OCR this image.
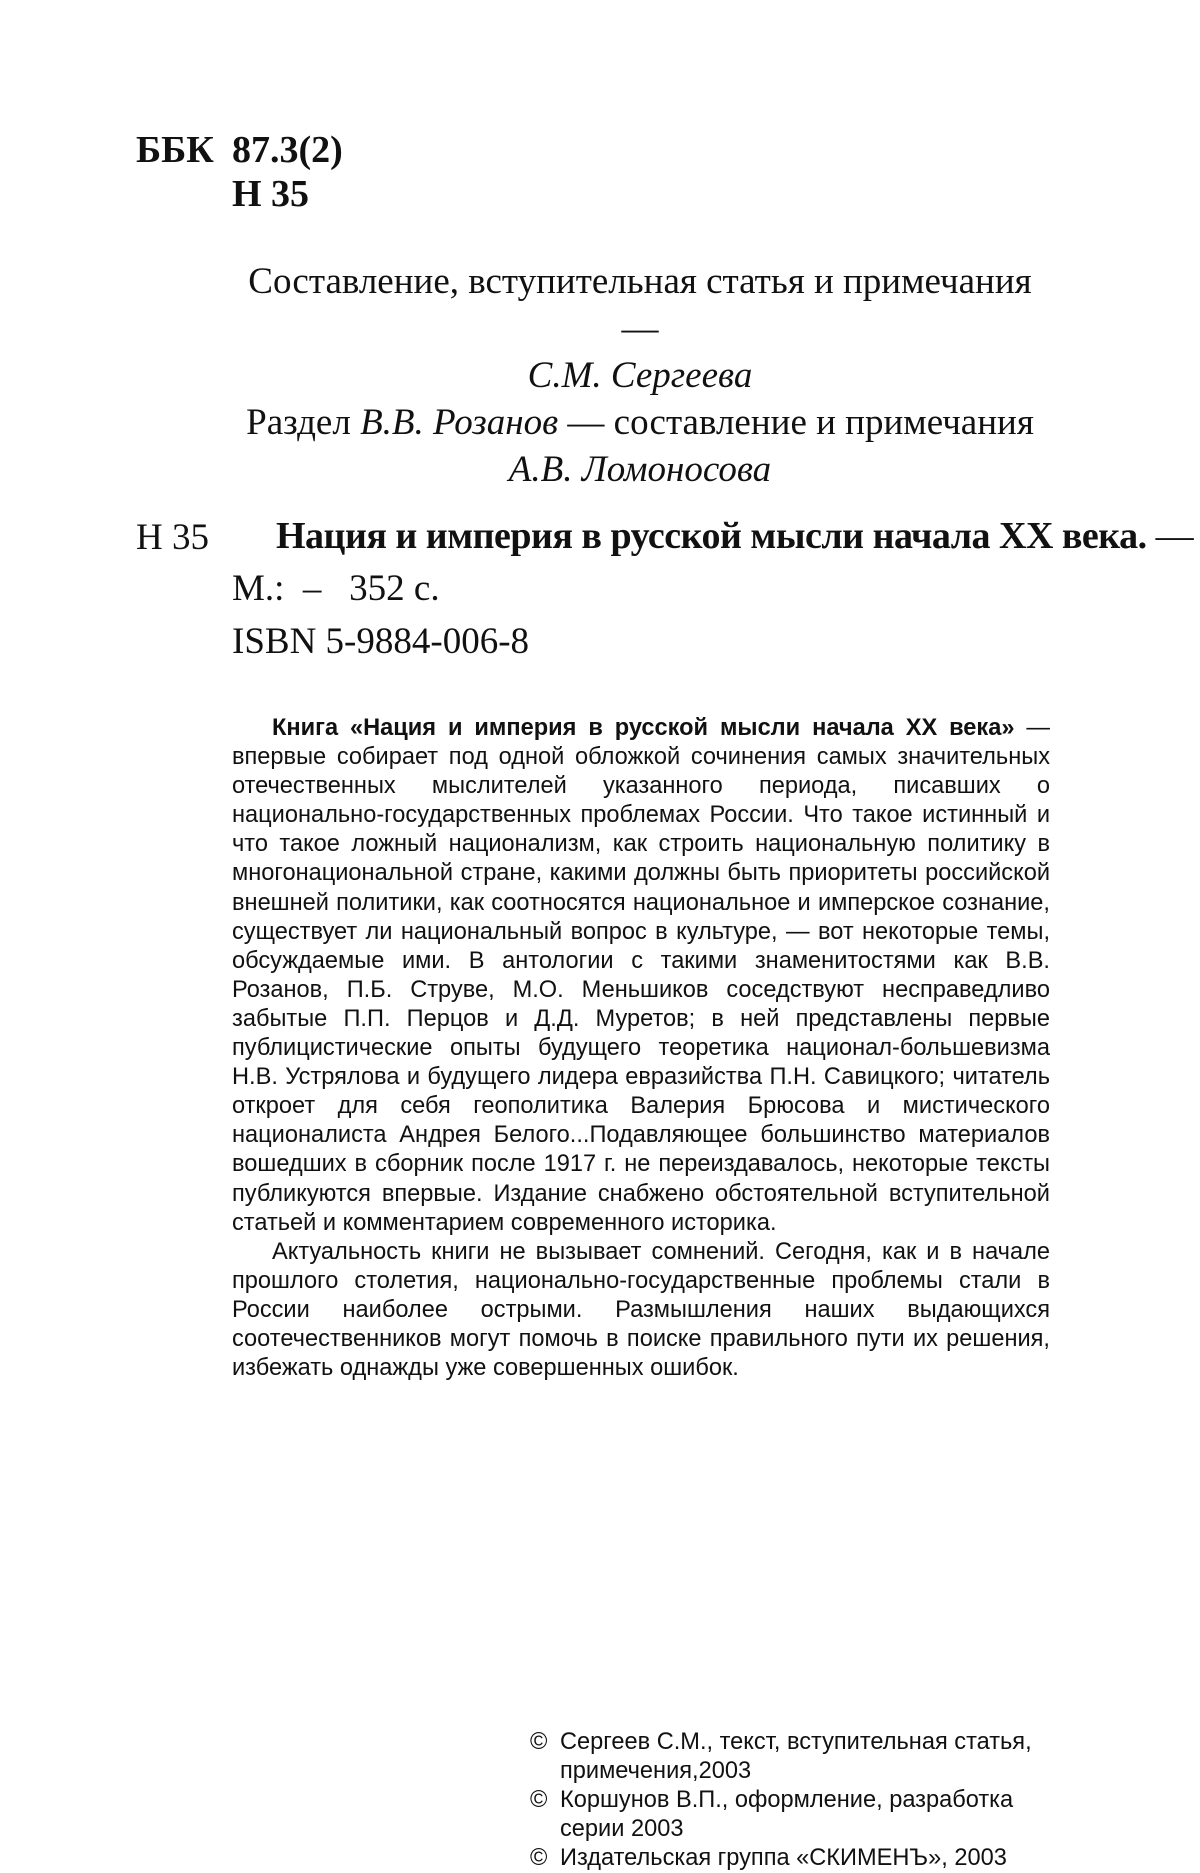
ББК 87.3(2)
Н 35
Составление, вступительная статья и примечания —
С.М. Сергеева
Раздел В.В. Розанов — составление и примечания
А.В. Ломоносова
Н 35 Нация и империя в русской мысли начала XX века. —
М.:  –   352 с.
ISBN 5-9884-006-8

Книга «Нация и империя в русской мысли начала XX века» — впервые собирает под одной обложкой сочинения самых значительных отечественных мыслителей указанного периода, писавших о национально-государственных проблемах России. Что такое истинный и что такое ложный национализм, как строить национальную политику в многонациональной стране, какими должны быть приоритеты российской внешней политики, как соотносятся национальное и имперское сознание, существует ли национальный вопрос в культуре, — вот некоторые темы, обсуждаемые ими. В антологии с такими знаменитостями как В.В. Розанов, П.Б. Струве, М.О. Меньшиков соседствуют несправедливо забытые П.П. Перцов и Д.Д. Муретов; в ней представлены первые публицистические опыты будущего теоретика национал-большевизма Н.В. Устрялова и будущего лидера евразийства П.Н. Савицкого; читатель откроет для себя геополитика Валерия Брюсова и мистического националиста Андрея Белого...Подавляющее большинство материалов вошедших в сборник после 1917 г. не переиздавалось, некоторые тексты публикуются впервые. Издание снабжено обстоятельной вступительной статьей и комментарием современного историка.

Актуальность книги не вызывает сомнений. Сегодня, как и в начале прошлого столетия, национально-государственные проблемы стали в России наиболее острыми. Размышления наших выдающихся соотечественников могут помочь в поиске правильного пути их решения, избежать однажды уже совершенных ошибок.

© Сергеев С.М., текст, вступительная статья, примечения,2003
© Коршунов В.П., оформление, разработка серии 2003
© Издательская группа «СКИМЕНЪ», 2003
